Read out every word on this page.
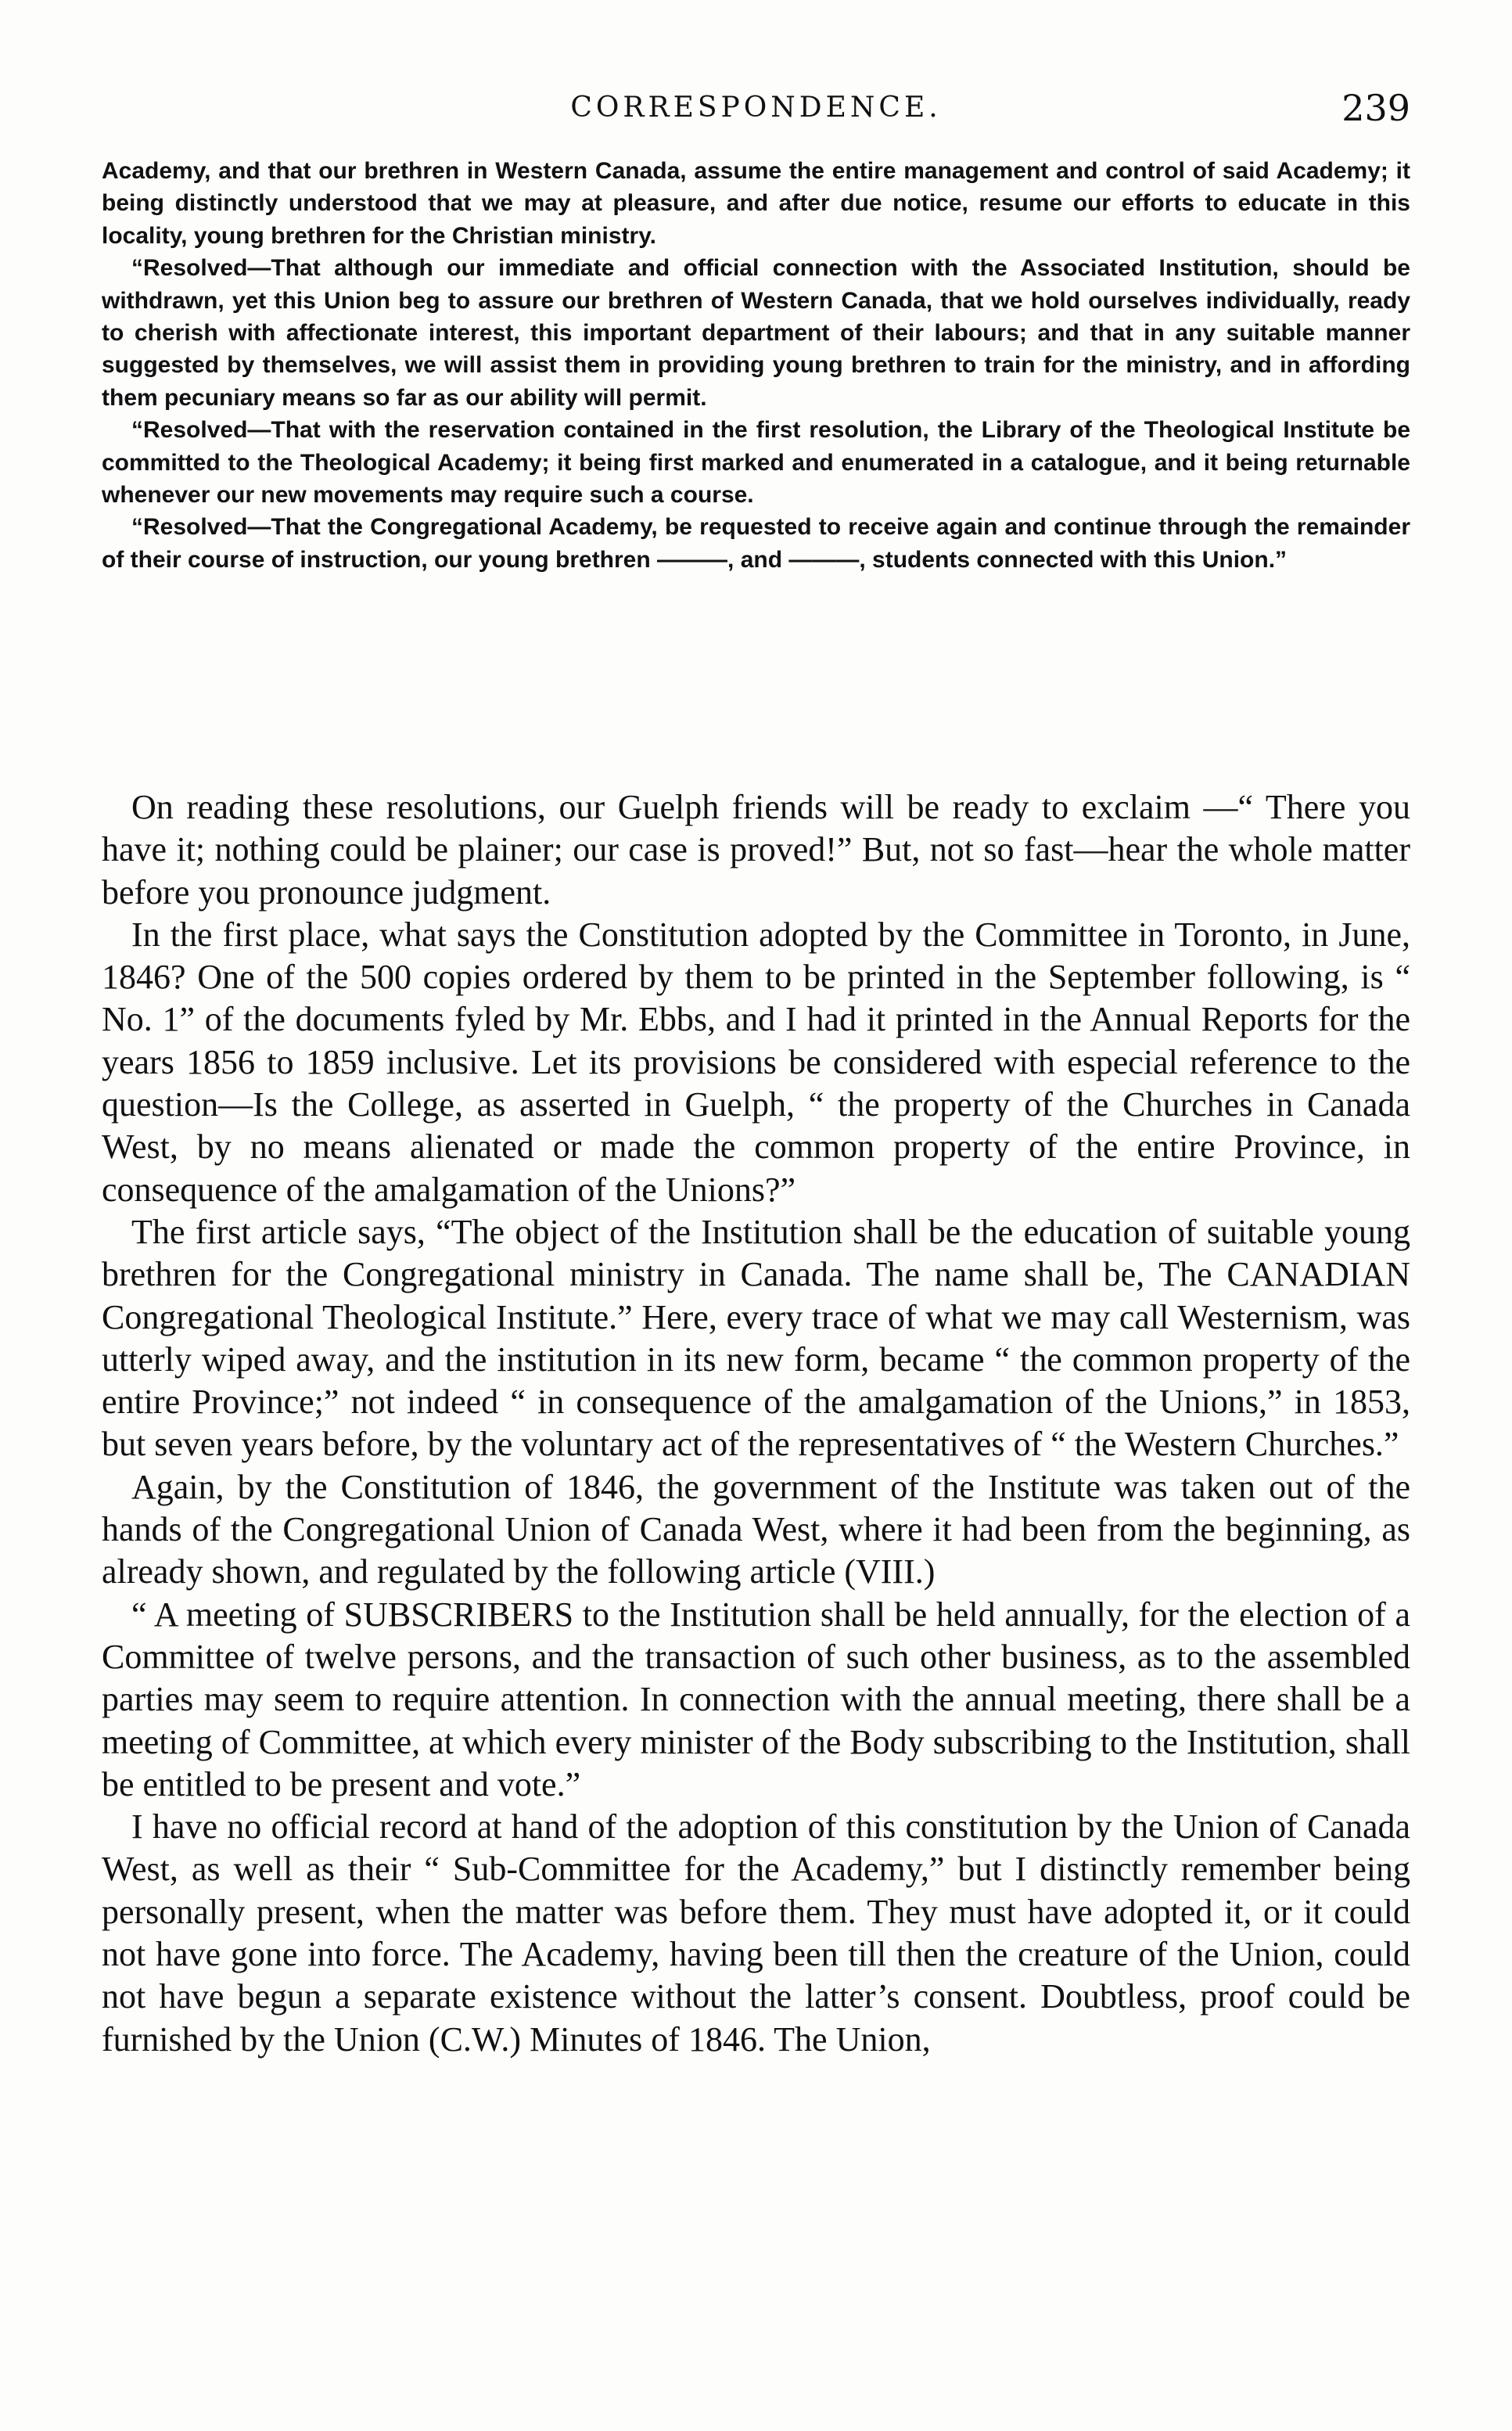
CORRESPONDENCE.	239

Academy, and that our brethren in Western Canada, assume the entire management and control of said Academy; it being distinctly understood that we may at pleasure, and after due notice, resume our efforts to educate in this locality, young brethren for the Christian ministry.

“Resolved—That although our immediate and official connection with the Associated Institution, should be withdrawn, yet this Union beg to assure our brethren of Western Canada, that we hold ourselves individually, ready to cherish with affectionate interest, this important department of their labours; and that in any suitable manner suggested by themselves, we will assist them in providing young brethren to train for the ministry, and in affording them pecuniary means so far as our ability will permit.

“Resolved—That with the reservation contained in the first resolution, the Library of the Theological Institute be committed to the Theological Academy; it being first marked and enumerated in a catalogue, and it being returnable whenever our new movements may require such a course.

“Resolved—That the Congregational Academy, be requested to receive again and continue through the remainder of their course of instruction, our young brethren ———, and ———, students connected with this Union.”

On reading these resolutions, our Guelph friends will be ready to exclaim —“ There you have it; nothing could be plainer; our case is proved!” But, not so fast—hear the whole matter before you pronounce judgment.

In the first place, what says the Constitution adopted by the Committee in Toronto, in June, 1846? One of the 500 copies ordered by them to be printed in the September following, is “ No. 1” of the documents fyled by Mr. Ebbs, and I had it printed in the Annual Reports for the years 1856 to 1859 inclusive. Let its provisions be considered with especial reference to the question—Is the College, as asserted in Guelph, “ the property of the Churches in Canada West, by no means alienated or made the common property of the entire Province, in consequence of the amalgamation of the Unions?”

The first article says, “The object of the Institution shall be the education of suitable young brethren for the Congregational ministry in Canada. The name shall be, The CANADIAN Congregational Theological Institute.” Here, every trace of what we may call Westernism, was utterly wiped away, and the institution in its new form, became “ the common property of the entire Province;” not indeed “ in consequence of the amalgamation of the Unions,” in 1853, but seven years before, by the voluntary act of the representatives of “ the Western Churches.”

Again, by the Constitution of 1846, the government of the Institute was taken out of the hands of the Congregational Union of Canada West, where it had been from the beginning, as already shown, and regulated by the following article (VIII.)

“ A meeting of SUBSCRIBERS to the Institution shall be held annually, for the election of a Committee of twelve persons, and the transaction of such other business, as to the assembled parties may seem to require attention. In connection with the annual meeting, there shall be a meeting of Committee, at which every minister of the Body subscribing to the Institution, shall be entitled to be present and vote.”

I have no official record at hand of the adoption of this constitution by the Union of Canada West, as well as their “ Sub-Committee for the Academy,” but I distinctly remember being personally present, when the matter was before them. They must have adopted it, or it could not have gone into force. The Academy, having been till then the creature of the Union, could not have begun a separate existence without the latter’s consent. Doubtless, proof could be furnished by the Union (C.W.) Minutes of 1846. The Union,
